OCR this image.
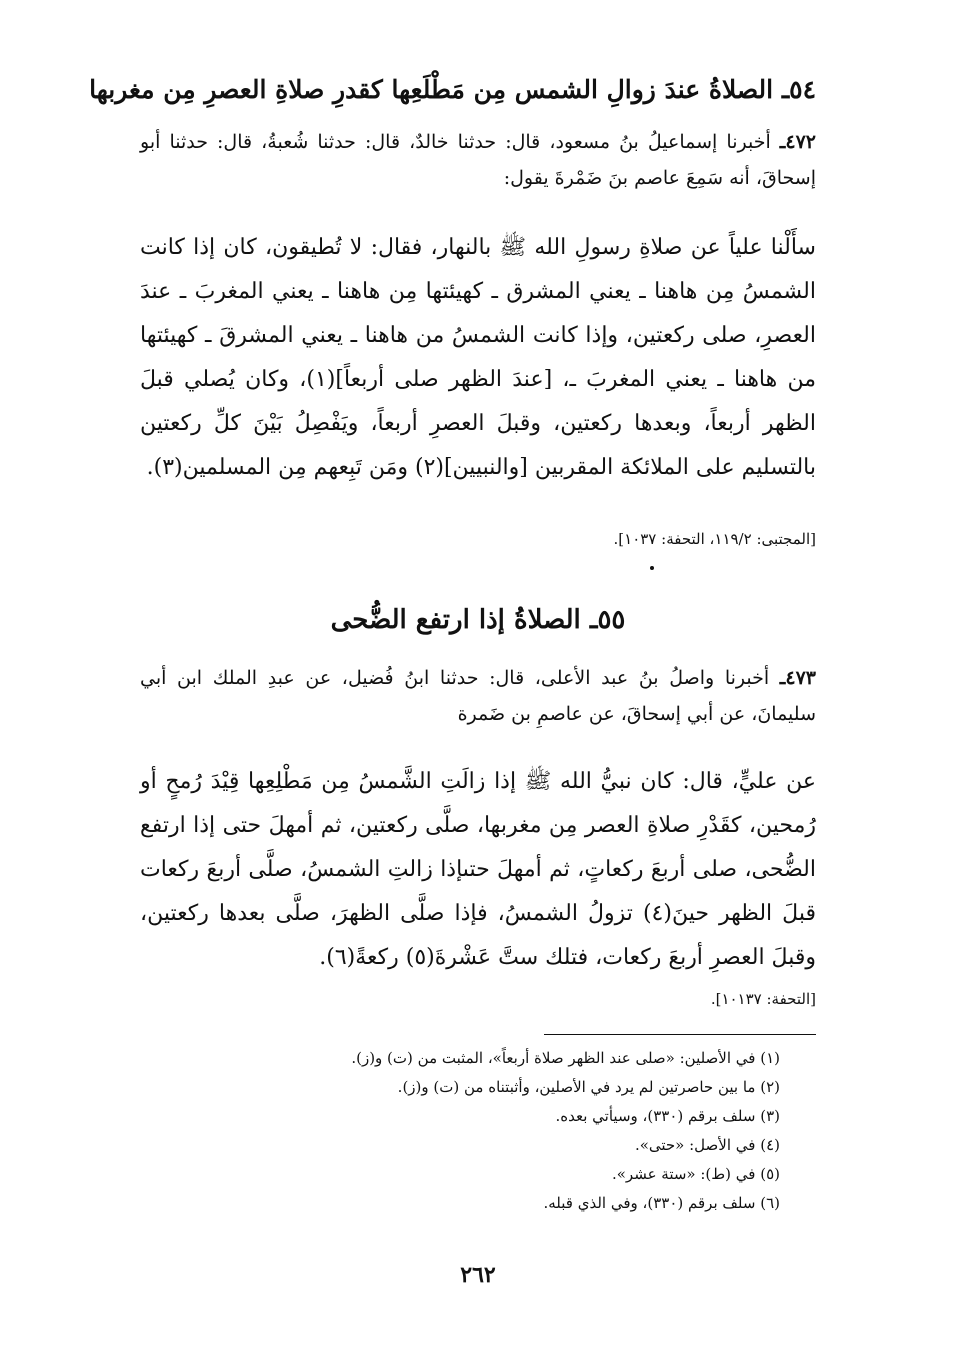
٥٤ـ الصلاةُ عندَ زوالِ الشمس مِن مَطْلَعِها كقدرِ صلاةِ العصرِ مِن مغربها
٤٧٢ـ أخبرنا إسماعيلُ بنُ مسعود، قال: حدثنا خالدٌ، قال: حدثنا شُعبةُ، قال: حدثنا أبو إسحاقَ، أنه سَمِعَ عاصم بنَ ضَمْرةَ يقول:
سأَلْنا علياً عن صلاةِ رسولِ الله ﷺ بالنهار، فقال: لا تُطيقون، كان إذا كانت الشمسُ مِن هاهنا ـ يعني المشرق ـ كهيئتها مِن هاهنا ـ يعني المغربَ ـ عندَ العصرِ، صلى ركعتين، وإذا كانت الشمسُ من هاهنا ـ يعني المشرقَ ـ كهيئتها من هاهنا ـ يعني المغربَ ـ، [عندَ الظهر صلى أربعاً](١)، وكان يُصلي قبلَ الظهر أربعاً، وبعدها ركعتين، وقبلَ العصرِ أربعاً، ويَفْصِلُ بَيْنَ كلِّ ركعتين بالتسليم على الملائكة المقربين [والنبيين](٢) ومَن تَبِعهم مِن المسلمين(٣).
[المجتبى: ١١٩/٢، التحفة: ١٠٣٧].
٥٥ـ الصلاةُ إذا ارتفع الضُّحى
٤٧٣ـ أخبرنا واصلُ بنُ عبد الأعلى، قال: حدثنا ابنُ فُضيل، عن عبدِ الملك ابن أبي سليمانَ، عن أبي إسحاقَ، عن عاصمِ بن ضَمرة
عن عليٍّ، قال: كان نبيُّ الله ﷺ إذا زالَتِ الشَّمسُ مِن مَطْلِعِها قِيْدَ رُمحٍ أو رُمحين، كقَدْرِ صلاةِ العصر مِن مغربها، صلَّى ركعتين، ثم أمهلَ حتى إذا ارتفع الضُّحى، صلى أربعَ ركعاتٍ، ثم أمهلَ حتىإذا زالتِ الشمسُ، صلَّى أربعَ ركعات قبلَ الظهر حينَ(٤) تزولُ الشمسُ، فإذا صلَّى الظهرَ، صلَّى بعدها ركعتين، وقبلَ العصرِ أربعَ ركعات، فتلك ستَّ عَشْرةَ(٥) ركعةً(٦).
[التحفة: ١٠١٣٧].
(١) في الأصلين: «صلى عند الظهر صلاة أربعاً»، المثبت من (ت) و(ز).
(٢) ما بين حاصرتين لم يرد في الأصلين، وأثبتناه من (ت) و(ز).
(٣) سلف برقم (٣٣٠)، وسيأتي بعده.
(٤) في الأصل: «حتى».
(٥) في (ط): «ستة عشر».
(٦) سلف برقم (٣٣٠)، وفي الذي قبله.
٢٦٢
